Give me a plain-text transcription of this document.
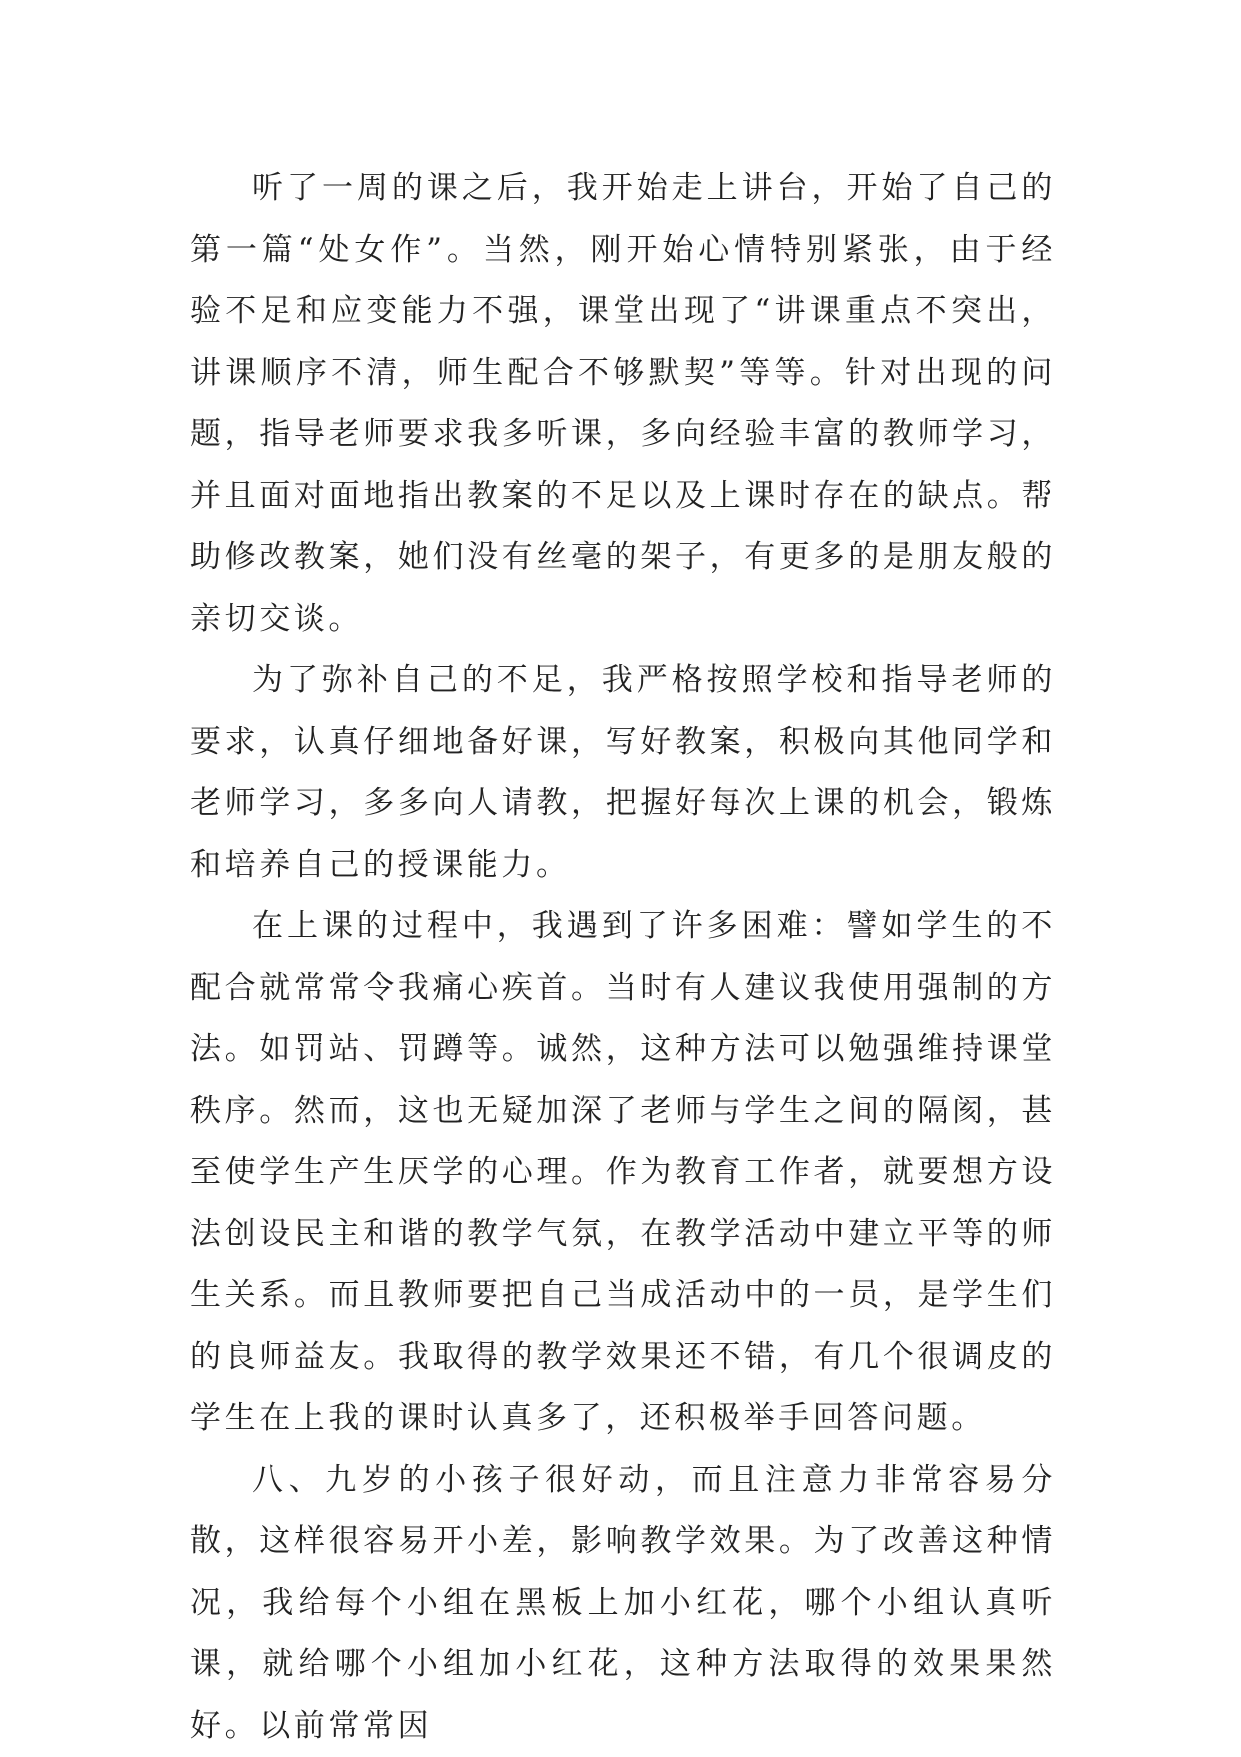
听了一周的课之后，我开始走上讲台，开始了自己的第一篇“处女作”。当然，刚开始心情特别紧张，由于经验不足和应变能力不强，课堂出现了“讲课重点不突出，讲课顺序不清，师生配合不够默契”等等。针对出现的问题，指导老师要求我多听课，多向经验丰富的教师学习，并且面对面地指出教案的不足以及上课时存在的缺点。帮助修改教案，她们没有丝毫的架子，有更多的是朋友般的亲切交谈。

为了弥补自己的不足，我严格按照学校和指导老师的要求，认真仔细地备好课，写好教案，积极向其他同学和老师学习，多多向人请教，把握好每次上课的机会，锻炼和培养自己的授课能力。

在上课的过程中，我遇到了许多困难：譬如学生的不配合就常常令我痛心疾首。当时有人建议我使用强制的方法。如罚站、罚蹲等。诚然，这种方法可以勉强维持课堂秩序。然而，这也无疑加深了老师与学生之间的隔阂，甚至使学生产生厌学的心理。作为教育工作者，就要想方设法创设民主和谐的教学气氛，在教学活动中建立平等的师生关系。而且教师要把自己当成活动中的一员，是学生们的良师益友。我取得的教学效果还不错，有几个很调皮的学生在上我的课时认真多了，还积极举手回答问题。

八、九岁的小孩子很好动，而且注意力非常容易分散，这样很容易开小差，影响教学效果。为了改善这种情况，我给每个小组在黑板上加小红花，哪个小组认真听课，就给哪个小组加小红花，这种方法取得的效果果然好。以前常常因
